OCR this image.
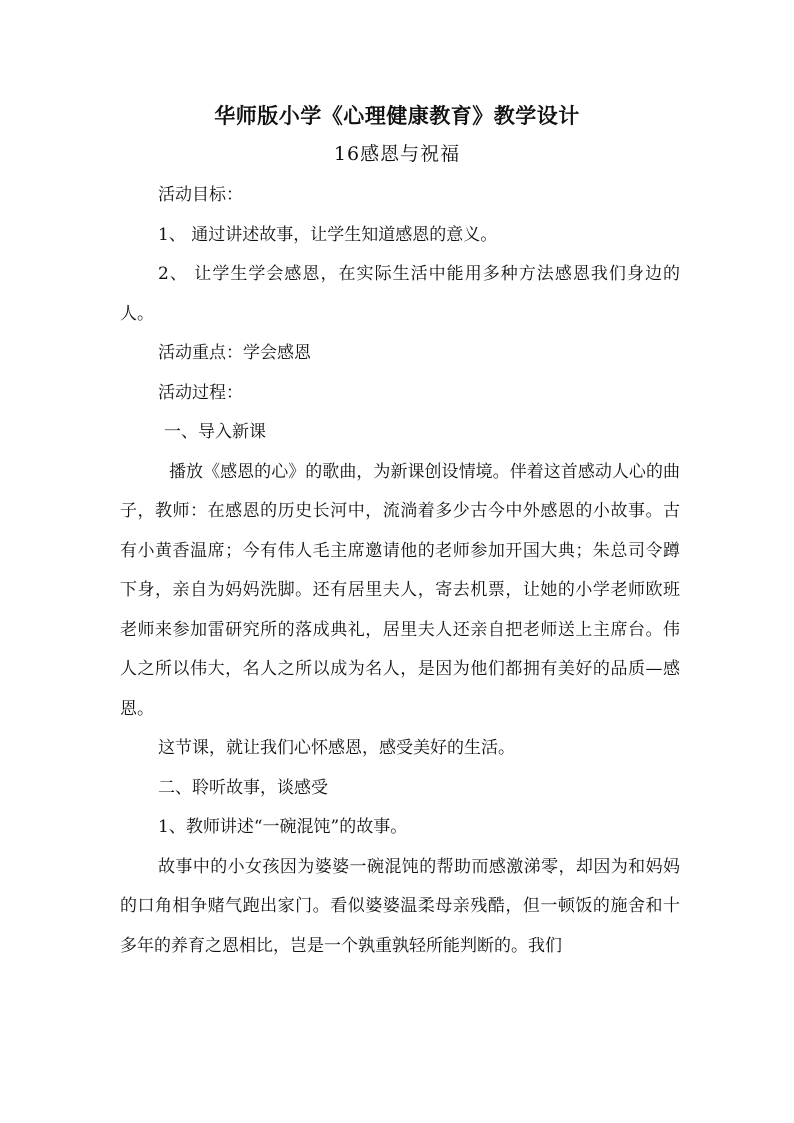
华师版小学《心理健康教育》教学设计
16感恩与祝福

活动目标：

1、 通过讲述故事，让学生知道感恩的意义。

2、 让学生学会感恩，在实际生活中能用多种方法感恩我们身边的人。

活动重点：学会感恩

活动过程：

一、导入新课

播放《感恩的心》的歌曲，为新课创设情境。伴着这首感动人心的曲子，教师：在感恩的历史长河中，流淌着多少古今中外感恩的小故事。古有小黄香温席；今有伟人毛主席邀请他的老师参加开国大典；朱总司令蹲下身，亲自为妈妈洗脚。还有居里夫人，寄去机票，让她的小学老师欧班老师来参加雷研究所的落成典礼，居里夫人还亲自把老师送上主席台。伟人之所以伟大，名人之所以成为名人，是因为他们都拥有美好的品质—感恩。

这节课，就让我们心怀感恩，感受美好的生活。

二、聆听故事，谈感受

1、教师讲述“一碗混饨”的故事。

故事中的小女孩因为婆婆一碗混饨的帮助而感激涕零，却因为和妈妈的口角相争赌气跑出家门。看似婆婆温柔母亲残酷，但一顿饭的施舍和十多年的养育之恩相比，岂是一个孰重孰轻所能判断的。我们
